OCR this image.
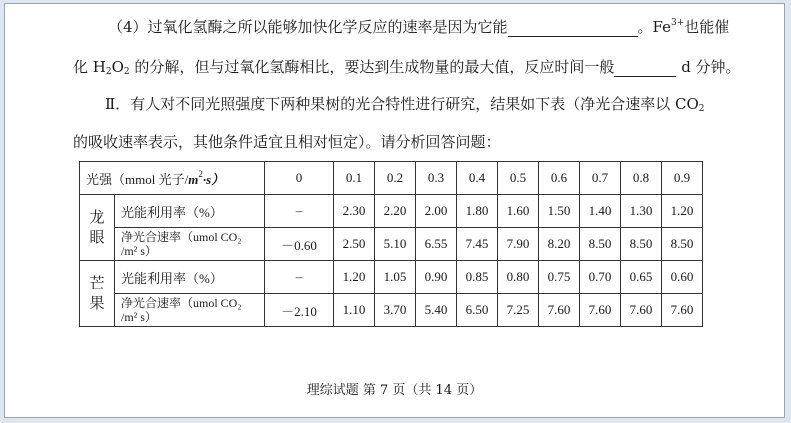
（4）过氧化氢酶之所以能够加快化学反应的速率是因为它能	。$Fe^{3+}$也能催
化 $H_2O_2$ 的分解，但与过氧化氢酶相比，要达到生成物量的最大值，反应时间一般	d 分钟。
Ⅱ．有人对不同光照强度下两种果树的光合特性进行研究，结果如下表（净光合速率以 $CO_2$
的吸收速率表示，其他条件适宜且相对恒定）。请分析回答问题：
光强（mmol 光子$/m^2\cdot s$）		0	0.1	0.2	0.3	0.4	0.5	0.6	0.7	0.8	0.9
龙
眼	光能利用率（%）	–	2.30	2.20	2.00	1.80	1.60	1.50	1.40	1.30	1.20
	净光合速率（umol CO₂
/m² s）	－0.60	2.50	5.10	6.55	7.45	7.90	8.20	8.50	8.50	8.50
芒
果	光能利用率（%）	–	1.20	1.05	0.90	0.85	0.80	0.75	0.70	0.65	0.60
	净光合速率（umol CO₂
/m² s）	－2.10	1.10	3.70	5.40	6.50	7.25	7.60	7.60	7.60	7.60
理综试题 第 7 页（共 14 页）
